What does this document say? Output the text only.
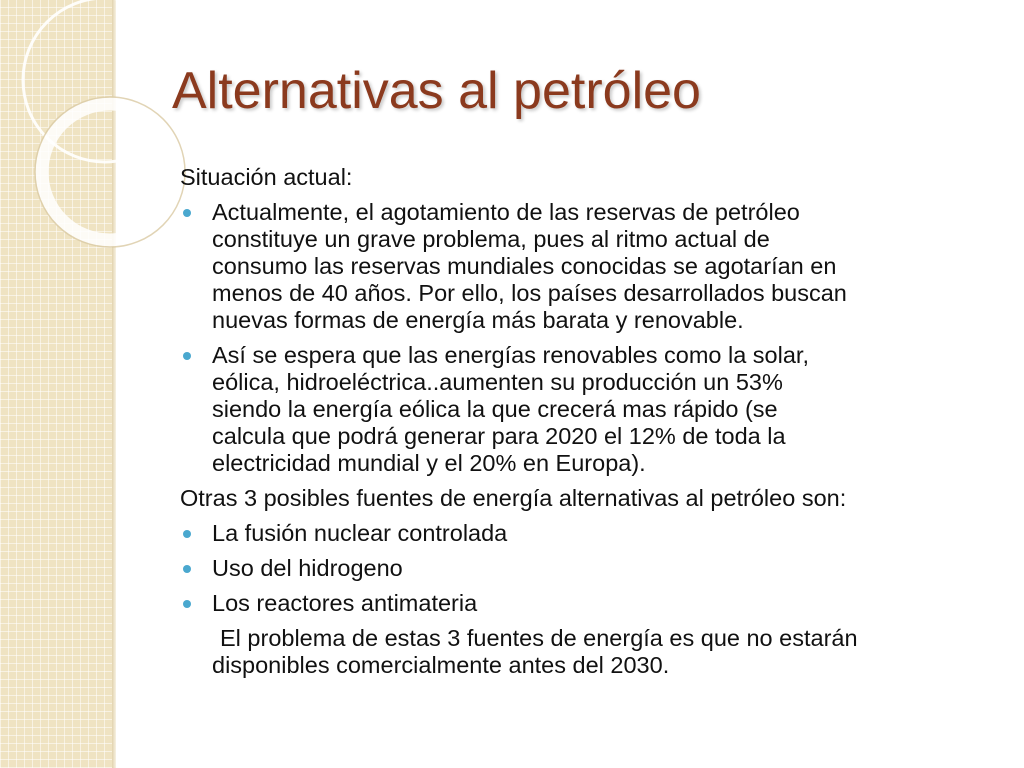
Alternativas al petróleo

Situación actual:

Actualmente, el agotamiento de las reservas de petróleo
constituye un grave problema, pues al ritmo actual de
consumo las reservas mundiales conocidas se agotarían en
menos de 40 años. Por ello, los países desarrollados buscan
nuevas formas de energía más barata y renovable.
Así se espera que las energías renovables como la solar,
eólica, hidroeléctrica..aumenten su producción un 53%
siendo la energía eólica la que crecerá mas rápido (se
calcula que podrá generar para 2020 el 12% de toda la
electricidad mundial y el 20% en Europa).

Otras 3 posibles fuentes de energía alternativas al petróleo son:

La fusión nuclear controlada
Uso del hidrogeno
Los reactores antimateria
El problema de estas 3 fuentes de energía es que no estarán
disponibles comercialmente antes del 2030.
